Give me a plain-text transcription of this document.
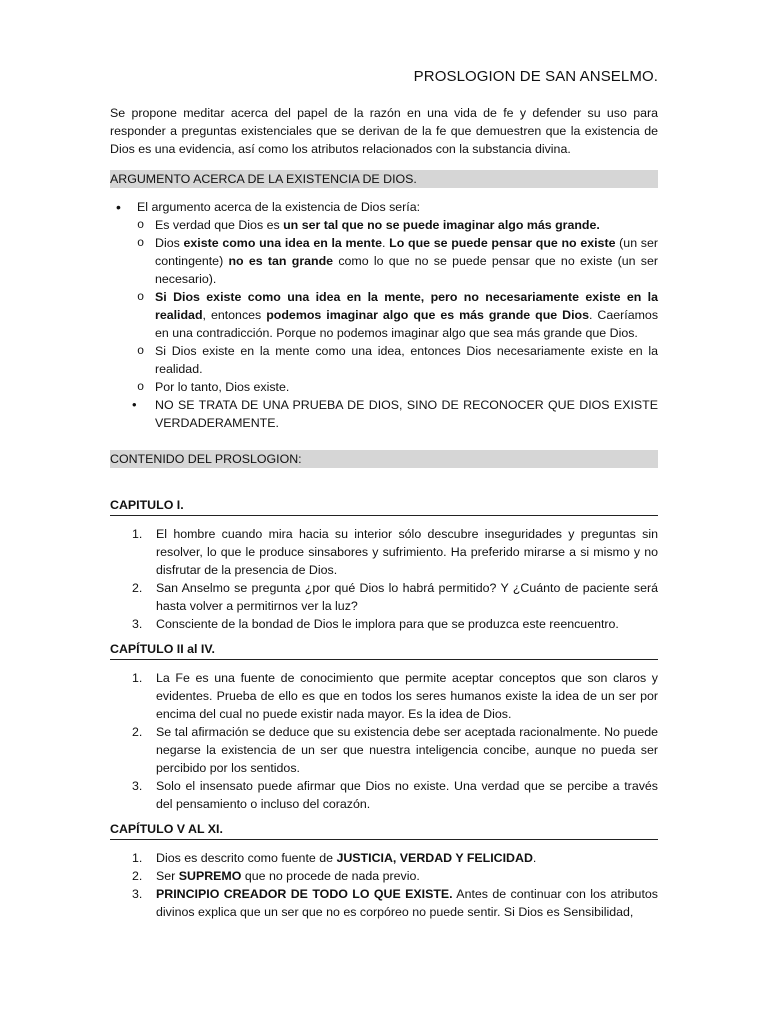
PROSLOGION DE SAN ANSELMO.

Se propone meditar acerca del papel de la razón en una vida de fe y defender su uso para responder a preguntas existenciales que se derivan de la fe que demuestren que la existencia de Dios es una evidencia, así como los atributos relacionados con la substancia divina.

ARGUMENTO ACERCA DE LA EXISTENCIA DE DIOS.
• El argumento acerca de la existencia de Dios sería:
o Es verdad que Dios es un ser tal que no se puede imaginar algo más grande.
o Dios existe como una idea en la mente. Lo que se puede pensar que no existe (un ser contingente) no es tan grande como lo que no se puede pensar que no existe (un ser necesario).
o Si Dios existe como una idea en la mente, pero no necesariamente existe en la realidad, entonces podemos imaginar algo que es más grande que Dios. Caeríamos en una contradicción. Porque no podemos imaginar algo que sea más grande que Dios.
o Si Dios existe en la mente como una idea, entonces Dios necesariamente existe en la realidad.
o Por lo tanto, Dios existe.
• NO SE TRATA DE UNA PRUEBA DE DIOS, SINO DE RECONOCER QUE DIOS EXISTE VERDADERAMENTE.
CONTENIDO DEL PROSLOGION:
CAPITULO I.
1. El hombre cuando mira hacia su interior sólo descubre inseguridades y preguntas sin resolver, lo que le produce sinsabores y sufrimiento. Ha preferido mirarse a si mismo y no disfrutar de la presencia de Dios.
2. San Anselmo se pregunta ¿por qué Dios lo habrá permitido? Y ¿Cuánto de paciente será hasta volver a permitirnos ver la luz?
3. Consciente de la bondad de Dios le implora para que se produzca este reencuentro.
CAPÍTULO II al IV.
1. La Fe es una fuente de conocimiento que permite aceptar conceptos que son claros y evidentes. Prueba de ello es que en todos los seres humanos existe la idea de un ser por encima del cual no puede existir nada mayor. Es la idea de Dios.
2. Se tal afirmación se deduce que su existencia debe ser aceptada racionalmente. No puede negarse la existencia de un ser que nuestra inteligencia concibe, aunque no pueda ser percibido por los sentidos.
3. Solo el insensato puede afirmar que Dios no existe. Una verdad que se percibe a través del pensamiento o incluso del corazón.
CAPÍTULO V AL XI.
1. Dios es descrito como fuente de JUSTICIA, VERDAD Y FELICIDAD.
2. Ser SUPREMO que no procede de nada previo.
3. PRINCIPIO CREADOR DE TODO LO QUE EXISTE. Antes de continuar con los atributos divinos explica que un ser que no es corpóreo no puede sentir. Si Dios es Sensibilidad,
